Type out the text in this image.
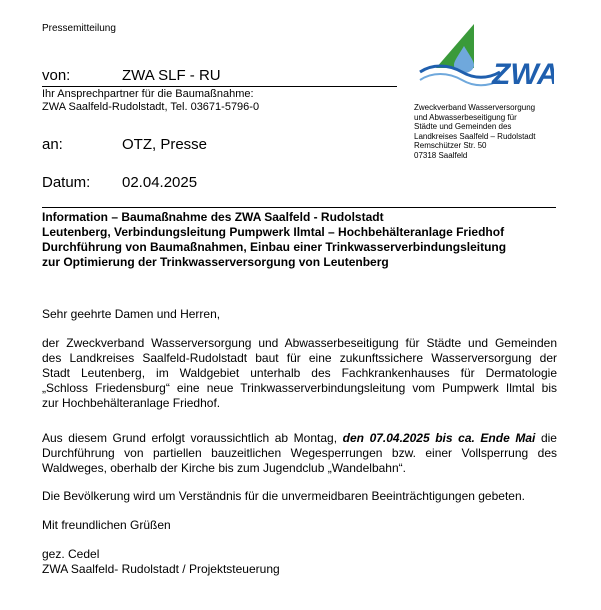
Pressemitteilung
von:	ZWA SLF - RU
Ihr Ansprechpartner für die Baumaßnahme:
ZWA Saalfeld-Rudolstadt, Tel. 03671-5796-0
an:	OTZ, Presse
Datum: 02.04.2025
ZWA
Zweckverband Wasserversorgung
und Abwasserbeseitigung für
Städte und Gemeinden des
Landkreises Saalfeld – Rudolstadt
Remschützer Str. 50
07318 Saalfeld
Information – Baumaßnahme des ZWA Saalfeld - Rudolstadt
Leutenberg, Verbindungsleitung Pumpwerk Ilmtal – Hochbehälteranlage Friedhof
Durchführung von Baumaßnahmen, Einbau einer Trinkwasserverbindungsleitung
zur Optimierung der Trinkwasserversorgung von Leutenberg
Sehr geehrte Damen und Herren,
der Zweckverband Wasserversorgung und Abwasserbeseitigung für Städte und Gemeinden
des Landkreises Saalfeld-Rudolstadt baut für eine zukunftssichere Wasserversorgung der
Stadt Leutenberg, im Waldgebiet unterhalb des Fachkrankenhauses für Dermatologie
„Schloss Friedensburg“ eine neue Trinkwasserverbindungsleitung vom Pumpwerk Ilmtal bis
zur Hochbehälteranlage Friedhof.
Aus diesem Grund erfolgt voraussichtlich ab Montag, den 07.04.2025 bis ca. Ende Mai die
Durchführung von partiellen bauzeitlichen Wegesperrungen bzw. einer Vollsperrung des
Waldweges, oberhalb der Kirche bis zum Jugendclub „Wandelbahn“.
Die Bevölkerung wird um Verständnis für die unvermeidbaren Beeinträchtigungen gebeten.
Mit freundlichen Grüßen
gez. Cedel
ZWA Saalfeld- Rudolstadt / Projektsteuerung
